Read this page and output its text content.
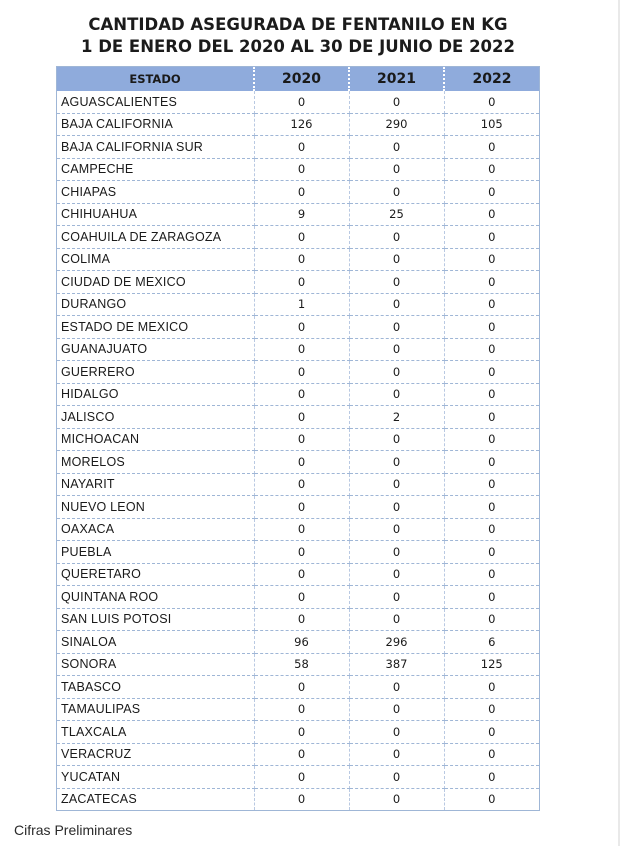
CANTIDAD ASEGURADA DE FENTANILO EN KG
1 DE ENERO DEL 2020 AL 30 DE JUNIO DE 2022
ESTADO	2020	2021	2022
AGUASCALIENTES	0	0	0
BAJA CALIFORNIA	126	290	105
BAJA CALIFORNIA SUR	0	0	0
CAMPECHE	0	0	0
CHIAPAS	0	0	0
CHIHUAHUA	9	25	0
COAHUILA DE ZARAGOZA	0	0	0
COLIMA	0	0	0
CIUDAD DE MEXICO	0	0	0
DURANGO	1	0	0
ESTADO DE MEXICO	0	0	0
GUANAJUATO	0	0	0
GUERRERO	0	0	0
HIDALGO	0	0	0
JALISCO	0	2	0
MICHOACAN	0	0	0
MORELOS	0	0	0
NAYARIT	0	0	0
NUEVO LEON	0	0	0
OAXACA	0	0	0
PUEBLA	0	0	0
QUERETARO	0	0	0
QUINTANA ROO	0	0	0
SAN LUIS POTOSI	0	0	0
SINALOA	96	296	6
SONORA	58	387	125
TABASCO	0	0	0
TAMAULIPAS	0	0	0
TLAXCALA	0	0	0
VERACRUZ	0	0	0
YUCATAN	0	0	0
ZACATECAS	0	0	0
Cifras Preliminares
